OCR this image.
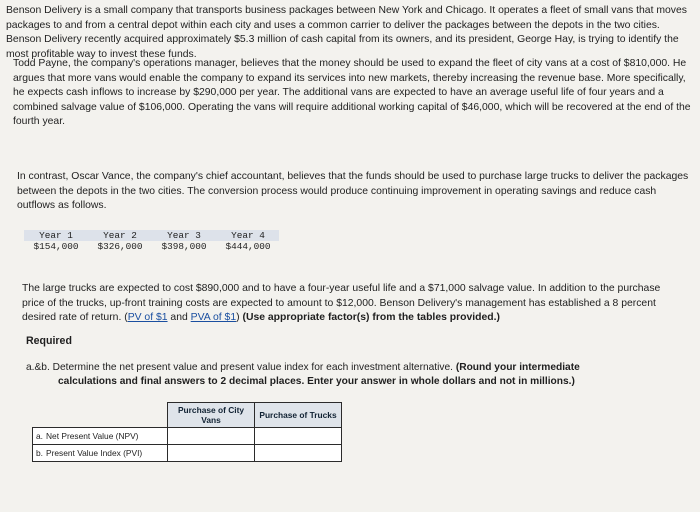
Benson Delivery is a small company that transports business packages between New York and Chicago. It operates a fleet of small vans that moves packages to and from a central depot within each city and uses a common carrier to deliver the packages between the depots in the two cities. Benson Delivery recently acquired approximately $5.3 million of cash capital from its owners, and its president, George Hay, is trying to identify the most profitable way to invest these funds.

Todd Payne, the company's operations manager, believes that the money should be used to expand the fleet of city vans at a cost of $810,000. He argues that more vans would enable the company to expand its services into new markets, thereby increasing the revenue base. More specifically, he expects cash inflows to increase by $290,000 per year. The additional vans are expected to have an average useful life of four years and a combined salvage value of $106,000. Operating the vans will require additional working capital of $46,000, which will be recovered at the end of the fourth year.

In contrast, Oscar Vance, the company's chief accountant, believes that the funds should be used to purchase large trucks to deliver the packages between the depots in the two cities. The conversion process would produce continuing improvement in operating savings and reduce cash outflows as follows.

Year 1	Year 2	Year 3	Year 4
$154,000	$326,000	$398,000	$444,000

The large trucks are expected to cost $890,000 and to have a four-year useful life and a $71,000 salvage value. In addition to the purchase price of the trucks, up-front training costs are expected to amount to $12,000. Benson Delivery's management has established a 8 percent desired rate of return. (PV of $1 and PVA of $1) (Use appropriate factor(s) from the tables provided.)

Required

a.&b. Determine the net present value and present value index for each investment alternative. (Round your intermediate
calculations and final answers to 2 decimal places. Enter your answer in whole dollars and not in millions.)

	Purchase of City Vans	Purchase of Trucks
a. Net Present Value (NPV)		
b. Present Value Index (PVI)		
